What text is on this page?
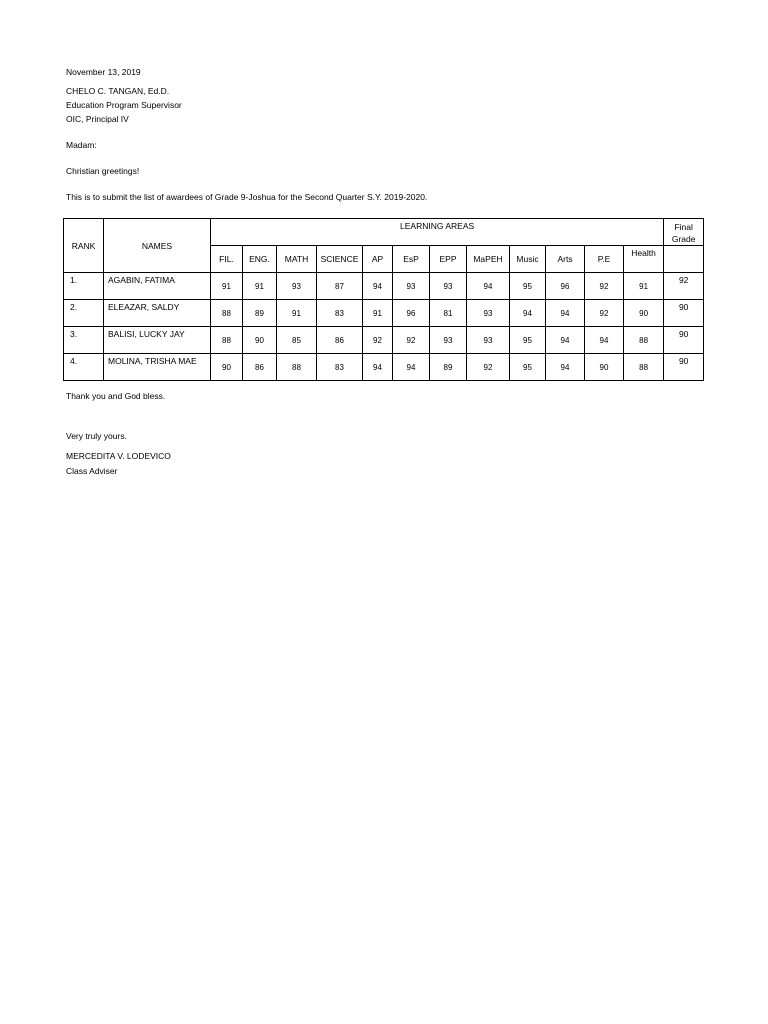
November 13, 2019
CHELO C. TANGAN, Ed.D.
Education Program Supervisor
OIC, Principal IV
Madam:
Christian greetings!
This is to submit the list of awardees of Grade 9-Joshua for the Second Quarter S.Y. 2019-2020.
RANK	NAMES	LEARNING AREAS												Final
Grade
		FIL.	ENG.	MATH	SCIENCE	AP	EsP	EPP	MaPEH	Music	Arts	P.E	Health	
1.	AGABIN, FATIMA	91	91	93	87	94	93	93	94	95	96	92	91	92
2.	ELEAZAR, SALDY	88	89	91	83	91	96	81	93	94	94	92	90	90
3.	BALISI, LUCKY JAY	88	90	85	86	92	92	93	93	95	94	94	88	90
4.	MOLINA, TRISHA MAE	90	86	88	83	94	94	89	92	95	94	90	88	90
Thank you and God bless.
Very truly yours.
MERCEDITA V. LODEVICO
Class Adviser
